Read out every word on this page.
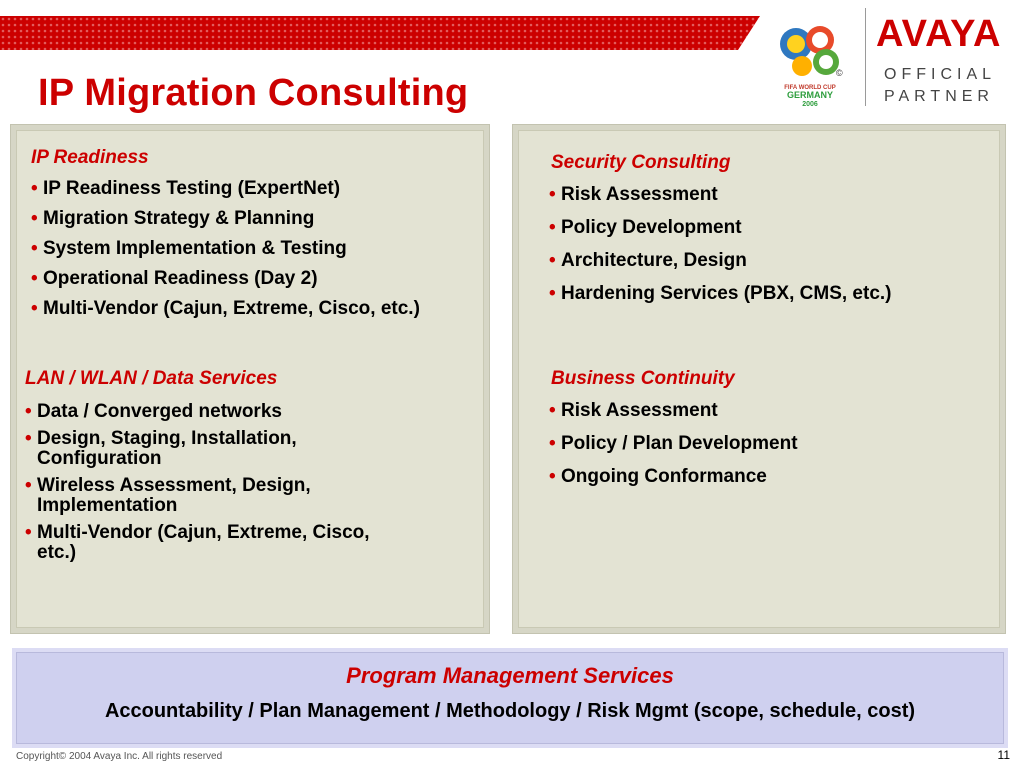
IP Migration Consulting	©
FIFA WORLD CUP
GERMANY
2006
AVAYA
OFFICIAL
PARTNER
IP Readiness
• IP Readiness Testing (ExpertNet)
• Migration Strategy & Planning
• System Implementation & Testing
• Operational Readiness (Day 2)
• Multi-Vendor (Cajun, Extreme, Cisco, etc.)
LAN / WLAN / Data Services
• Data / Converged networks
• Design, Staging, Installation, Configuration
• Wireless Assessment, Design, Implementation
• Multi-Vendor (Cajun, Extreme, Cisco, etc.)
Security Consulting
• Risk Assessment
• Policy Development
• Architecture, Design
• Hardening Services (PBX, CMS, etc.)
Business Continuity
• Risk Assessment
• Policy / Plan Development
• Ongoing Conformance
Program Management Services

Accountability / Plan Management / Methodology / Risk Mgmt (scope, schedule, cost)

Copyright© 2004 Avaya Inc. All rights reserved	11
